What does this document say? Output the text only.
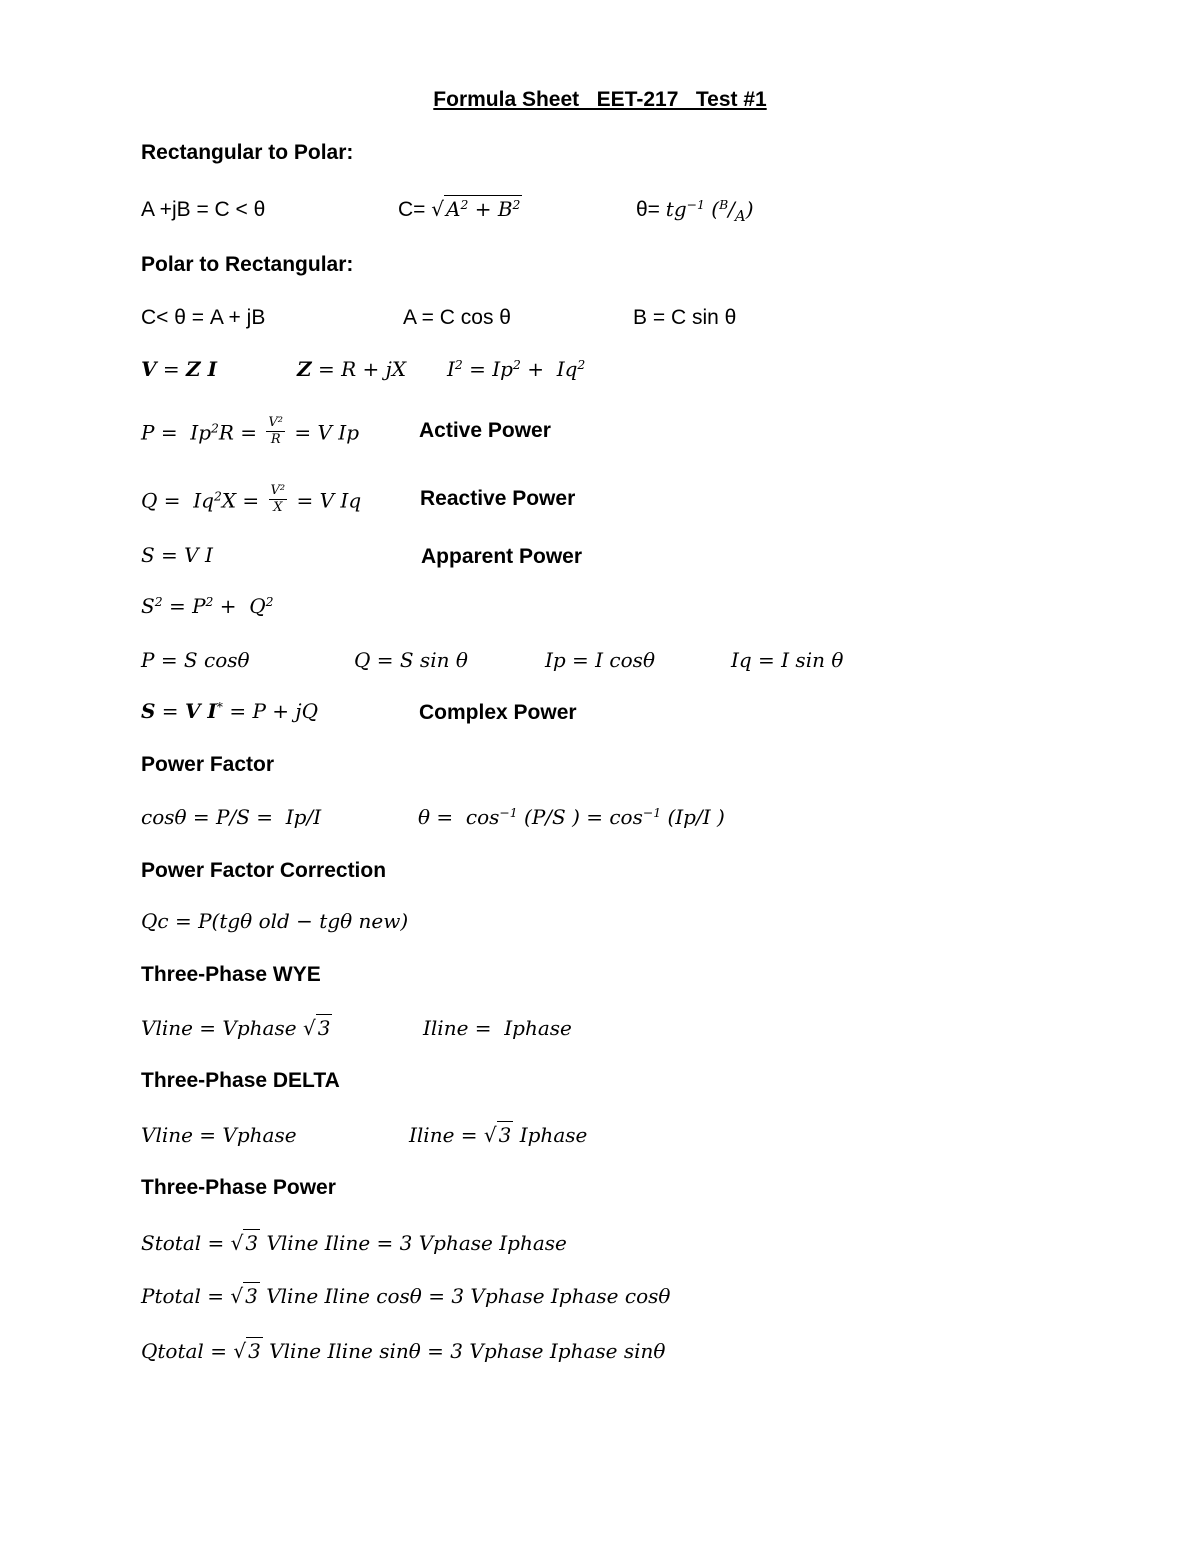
Formula Sheet   EET-217   Test #1
Rectangular to Polar:
A +jB = C < θ	C= √ $A^2 + B^2$	$\theta= tg^{-1}$ $(^B/_A)$
Polar to Rectangular:
C< θ = A + jB	A = C cos θ	B = C sin θ
V = Z I	Z = R + jX $I^2 = Ip^2 + Iq^2$
$P = Ip^2R = \frac{\text{V²}}{R} = V$ Ip	Active Power
$Q = Iq^2X = \frac{\text{V²}}{X} = V$ Iq	Reactive Power
S = V I	Apparent Power
$S^2 = P^2 + Q^2$
P = S cosθ	Q = S sin θ	Ip = I cosθ	Iq = I sin θ
S = V I* = P + jQ	Complex Power
Power Factor
cosθ = P/S =  Ip/I	$\theta = \cos^{-1} (P/S$ ) = $\cos^{-1} (Ip/I$ )
Power Factor Correction
Qc = P(tgθ old − tgθ new)
Three-Phase WYE
Vline = Vphase √ 3	Iline =  Iphase
Three-Phase DELTA
Vline = Vphase	Iline = √ 3 Iphase
Three-Phase Power
Stotal = √ 3 Vline Iline = 3 Vphase Iphase
Ptotal = √ 3 Vline Iline cosθ = 3 Vphase Iphase cosθ
Qtotal = √ 3 Vline Iline sinθ = 3 Vphase Iphase sinθ
